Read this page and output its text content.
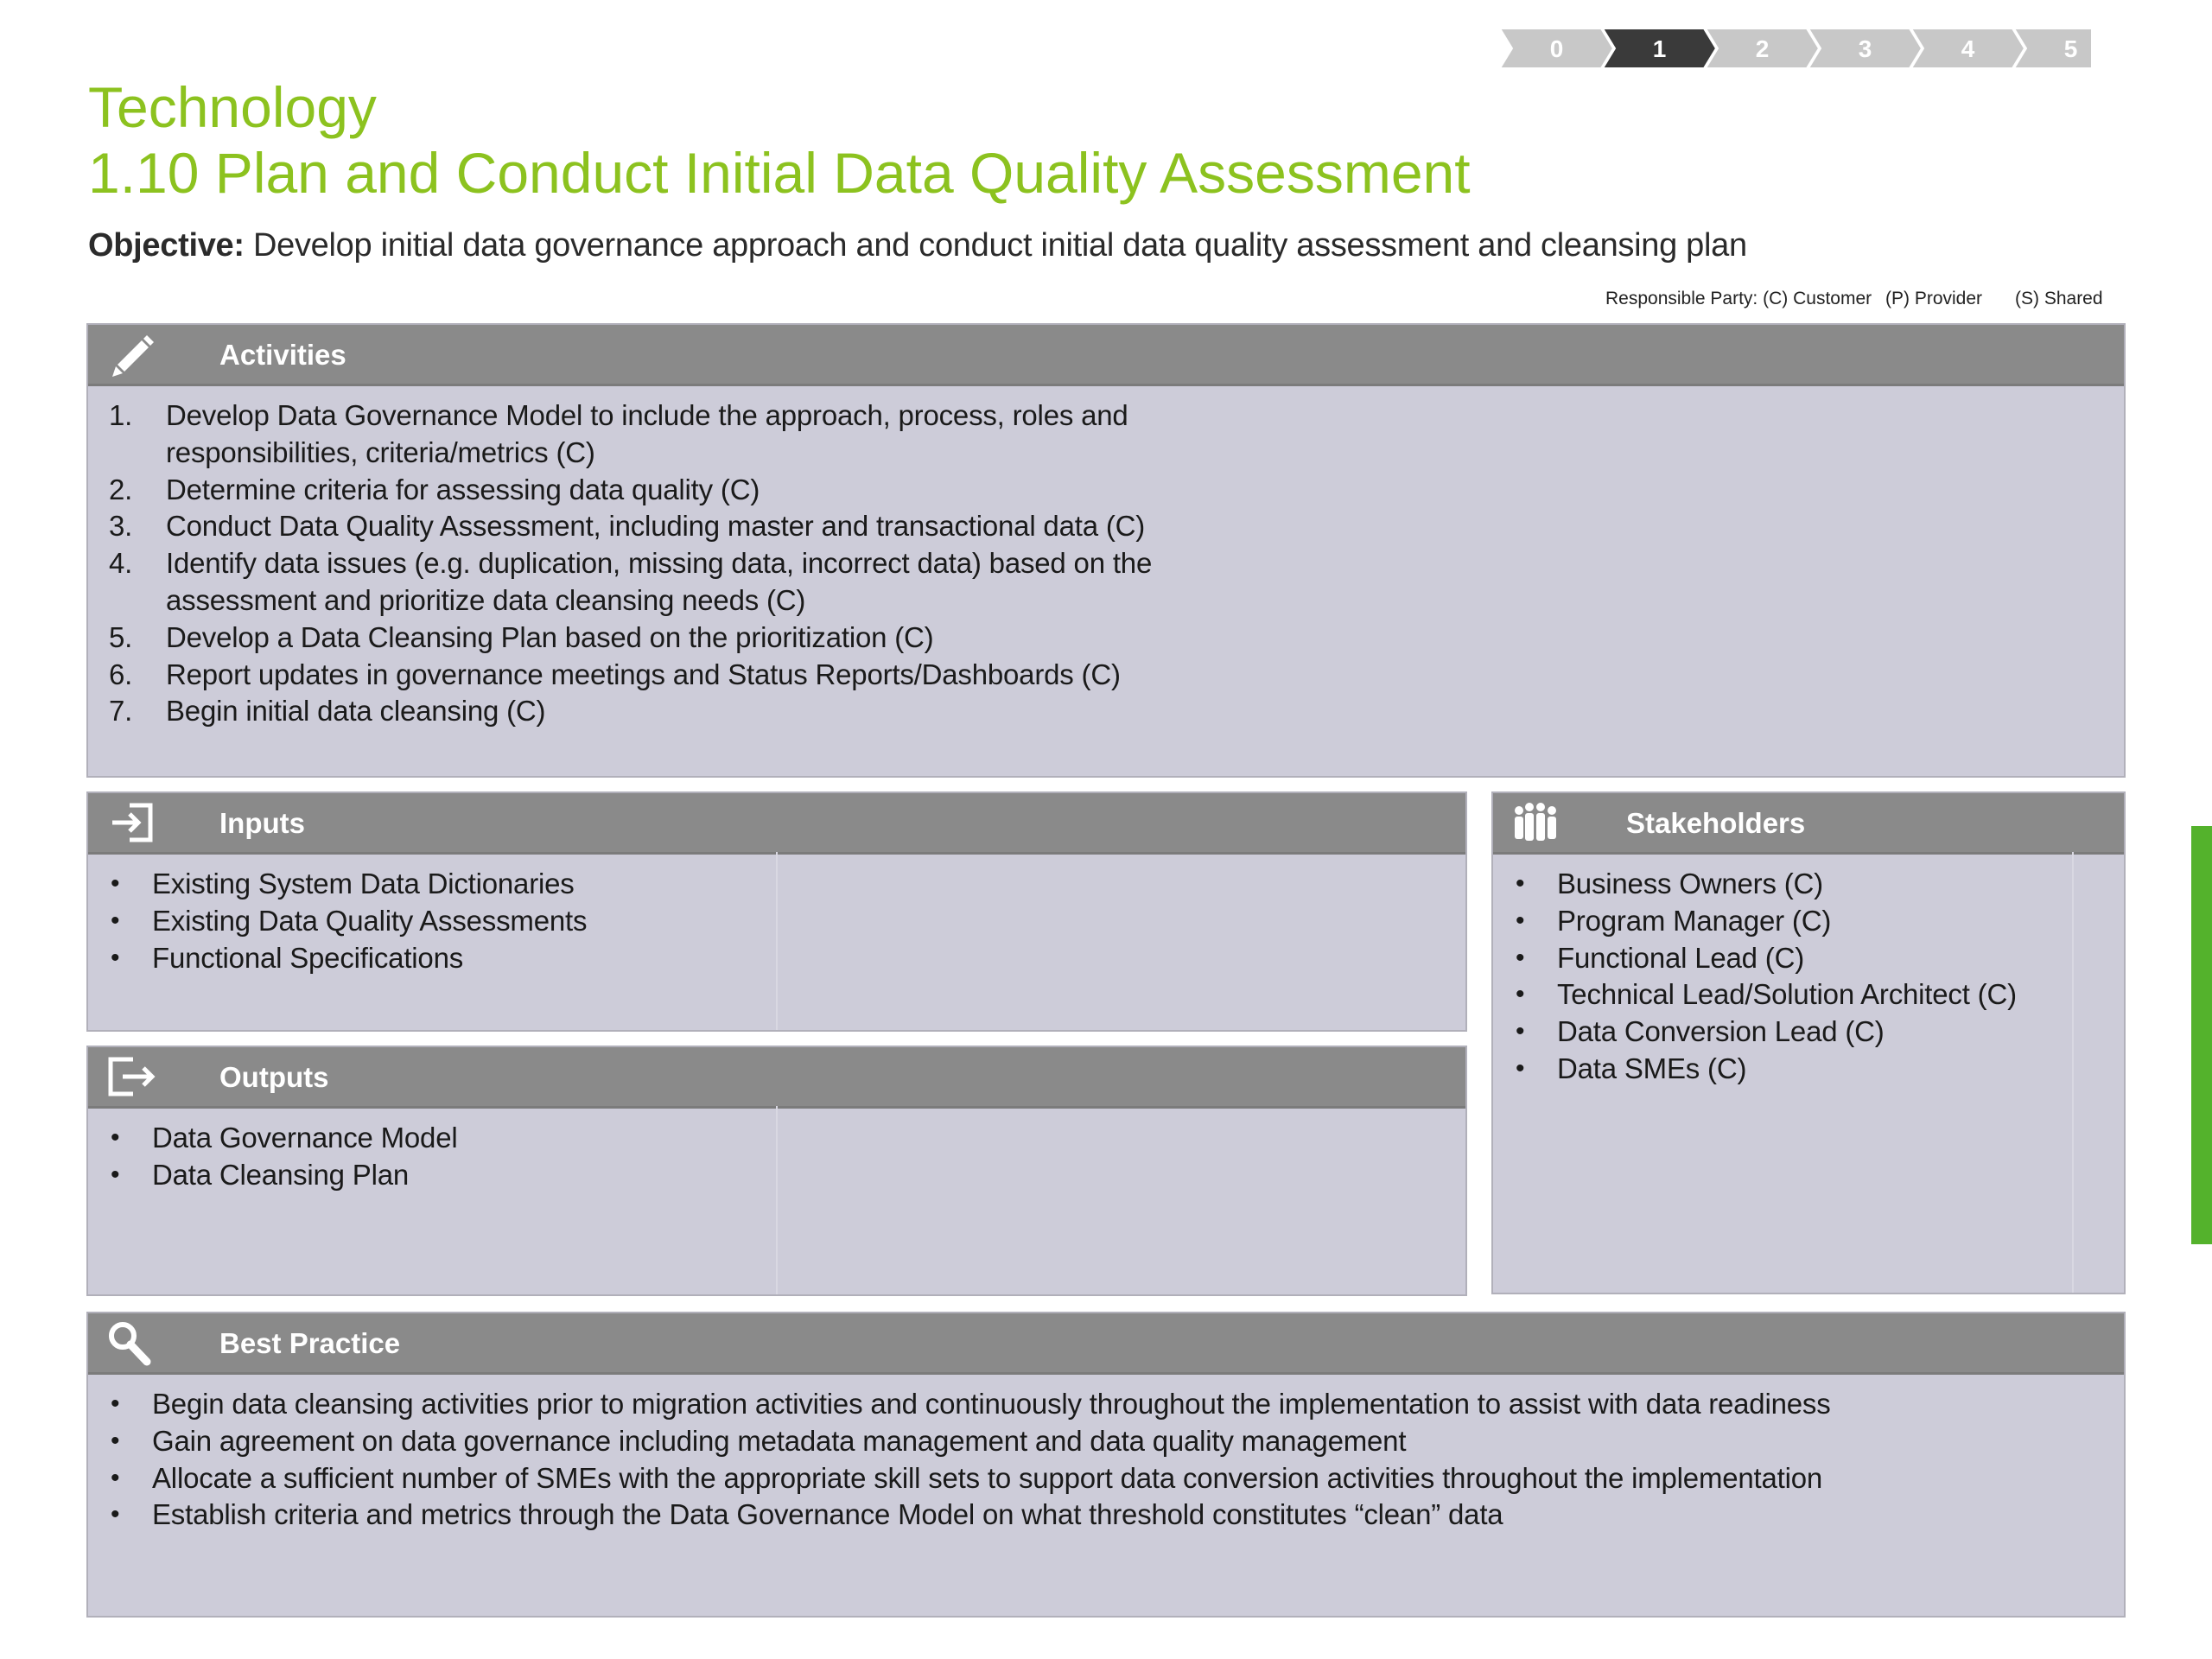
0	1	2	3	4	5
Technology
1.10 Plan and Conduct Initial Data Quality Assessment
Objective: Develop initial data governance approach and conduct initial data quality assessment and cleansing plan
Responsible Party: (C) Customer (P) Provider (S) Shared
Activities
1. Develop Data Governance Model to include the approach, process, roles and
responsibilities, criteria/metrics (C)
2. Determine criteria for assessing data quality (C)
3. Conduct Data Quality Assessment, including master and transactional data (C)
4. Identify data issues (e.g. duplication, missing data, incorrect data) based on the
assessment and prioritize data cleansing needs (C)
5. Develop a Data Cleansing Plan based on the prioritization (C)
6. Report updates in governance meetings and Status Reports/Dashboards (C)
7. Begin initial data cleansing (C)
Inputs
• Existing System Data Dictionaries
• Existing Data Quality Assessments
• Functional Specifications
Outputs
• Data Governance Model
• Data Cleansing Plan
Stakeholders
• Business Owners (C)
• Program Manager (C)
• Functional Lead (C)
• Technical Lead/Solution Architect (C)
• Data Conversion Lead (C)
• Data SMEs (C)
Best Practice
• Begin data cleansing activities prior to migration activities and continuously throughout the implementation to assist with data readiness
• Gain agreement on data governance including metadata management and data quality management
• Allocate a sufficient number of SMEs with the appropriate skill sets to support data conversion activities throughout the implementation
• Establish criteria and metrics through the Data Governance Model on what threshold constitutes “clean” data
